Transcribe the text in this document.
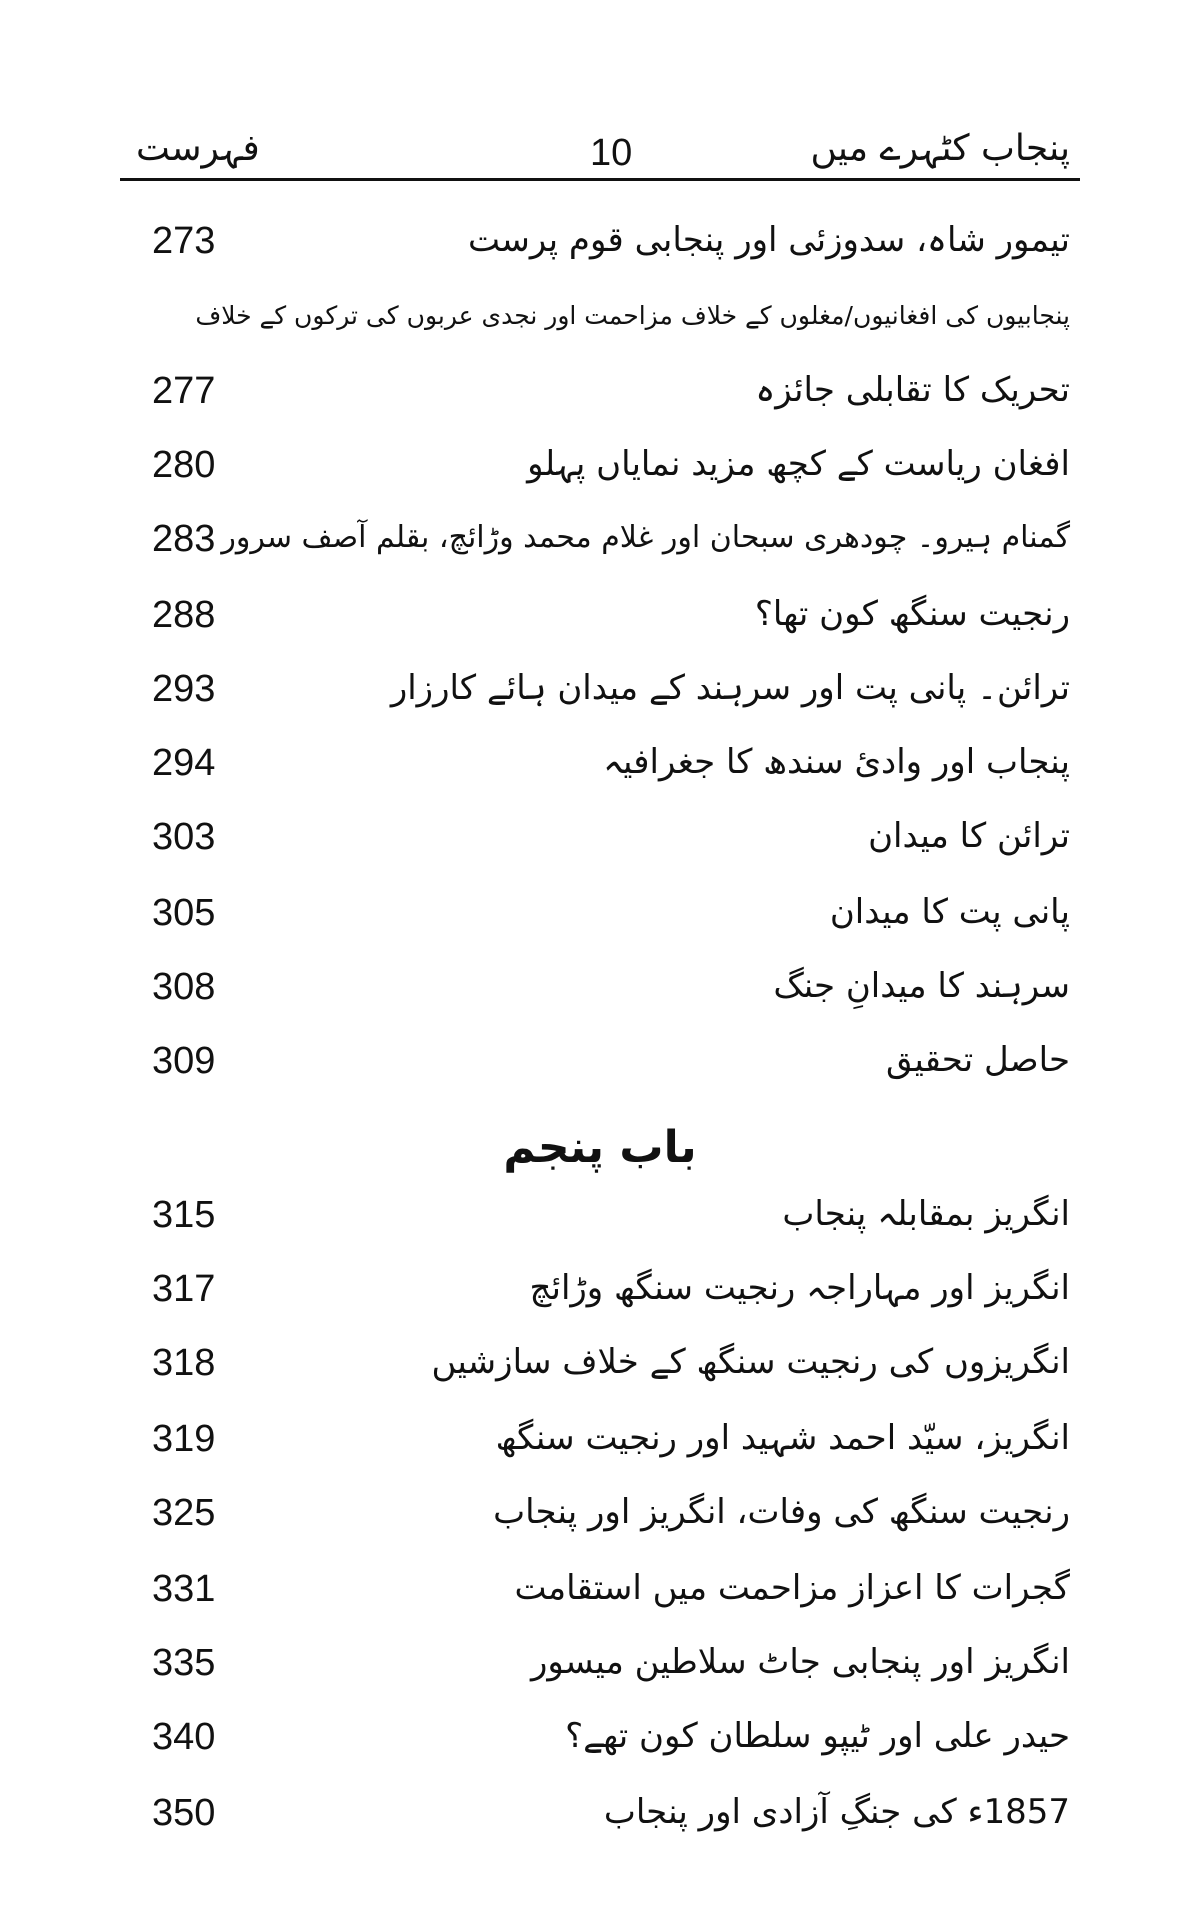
پنجاب کٹہرے میں
10
فہرست
تیمور شاہ، سدوزئی اور پنجابی قوم پرست
273
پنجابیوں کی افغانیوں/مغلوں کے خلاف مزاحمت اور نجدی عربوں کی ترکوں کے خلاف
تحریک کا تقابلی جائزہ
277
افغان ریاست کے کچھ مزید نمایاں پہلو
280
گمنام ہیرو۔ چودھری سبحان اور غلام محمد وڑائچ، بقلم آصف سرور
283
رنجیت سنگھ کون تھا؟
288
ترائن۔ پانی پت اور سرہند کے میدان ہائے کارزار
293
پنجاب اور وادیٔ سندھ کا جغرافیہ
294
ترائن کا میدان
303
پانی پت کا میدان
305
سرہند کا میدانِ جنگ
308
حاصل تحقیق
309
باب پنجم
انگریز بمقابلہ پنجاب
315
انگریز اور مہاراجہ رنجیت سنگھ وڑائچ
317
انگریزوں کی رنجیت سنگھ کے خلاف سازشیں
318
انگریز، سیّد احمد شہید اور رنجیت سنگھ
319
رنجیت سنگھ کی وفات، انگریز اور پنجاب
325
گجرات کا اعزاز مزاحمت میں استقامت
331
انگریز اور پنجابی جاٹ سلاطین میسور
335
حیدر علی اور ٹیپو سلطان کون تھے؟
340
1857ء کی جنگِ آزادی اور پنجاب
350
